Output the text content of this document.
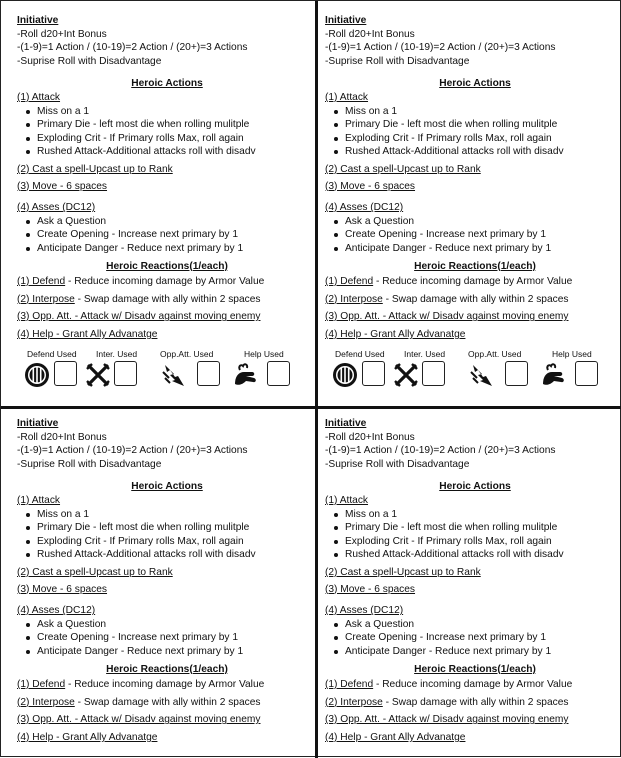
Initiative

-Roll d20+Int Bonus

-(1-9)=1 Action / (10-19)=2 Action / (20+)=3 Actions

-Suprise Roll with Disadvantage

Heroic Actions

(1) Attack

Miss on a 1
Primary Die - left most die when rolling mulitple
Exploding Crit - If Primary rolls Max, roll again
Rushed Attack-Additional attacks roll with disadv

(2) Cast a spell-Upcast up to Rank

(3) Move - 6 spaces

(4) Asses (DC12)

Ask a Question
Create Opening - Increase next primary by 1
Anticipate Danger - Reduce next primary by 1

Heroic Reactions(1/each)

(1) Defend - Reduce incoming damage by Armor Value

(2) Interpose - Swap damage with ally within 2 spaces

(3) Opp. Att. - Attack w/ Disadv against moving enemy

(4) Help - Grant Ally Advanatge

Defend Used Inter. Used	Opp.Att. Used	Help Used

Initiative

-Roll d20+Int Bonus

-(1-9)=1 Action / (10-19)=2 Action / (20+)=3 Actions

-Suprise Roll with Disadvantage

Heroic Actions

(1) Attack

Miss on a 1
Primary Die - left most die when rolling mulitple
Exploding Crit - If Primary rolls Max, roll again
Rushed Attack-Additional attacks roll with disadv

(2) Cast a spell-Upcast up to Rank

(3) Move - 6 spaces

(4) Asses (DC12)

Ask a Question
Create Opening - Increase next primary by 1
Anticipate Danger - Reduce next primary by 1

Heroic Reactions(1/each)

(1) Defend - Reduce incoming damage by Armor Value

(2) Interpose - Swap damage with ally within 2 spaces

(3) Opp. Att. - Attack w/ Disadv against moving enemy

(4) Help - Grant Ally Advanatge

Defend Used Inter. Used	Opp.Att. Used	Help Used

Initiative

-Roll d20+Int Bonus

-(1-9)=1 Action / (10-19)=2 Action / (20+)=3 Actions

-Suprise Roll with Disadvantage

Heroic Actions

(1) Attack

Miss on a 1
Primary Die - left most die when rolling mulitple
Exploding Crit - If Primary rolls Max, roll again
Rushed Attack-Additional attacks roll with disadv

(2) Cast a spell-Upcast up to Rank

(3) Move - 6 spaces

(4) Asses (DC12)

Ask a Question
Create Opening - Increase next primary by 1
Anticipate Danger - Reduce next primary by 1

Heroic Reactions(1/each)

(1) Defend - Reduce incoming damage by Armor Value

(2) Interpose - Swap damage with ally within 2 spaces

(3) Opp. Att. - Attack w/ Disadv against moving enemy

(4) Help - Grant Ally Advanatge

Initiative

-Roll d20+Int Bonus

-(1-9)=1 Action / (10-19)=2 Action / (20+)=3 Actions

-Suprise Roll with Disadvantage

Heroic Actions

(1) Attack

Miss on a 1
Primary Die - left most die when rolling mulitple
Exploding Crit - If Primary rolls Max, roll again
Rushed Attack-Additional attacks roll with disadv

(2) Cast a spell-Upcast up to Rank

(3) Move - 6 spaces

(4) Asses (DC12)

Ask a Question
Create Opening - Increase next primary by 1
Anticipate Danger - Reduce next primary by 1

Heroic Reactions(1/each)

(1) Defend - Reduce incoming damage by Armor Value

(2) Interpose - Swap damage with ally within 2 spaces

(3) Opp. Att. - Attack w/ Disadv against moving enemy

(4) Help - Grant Ally Advanatge
